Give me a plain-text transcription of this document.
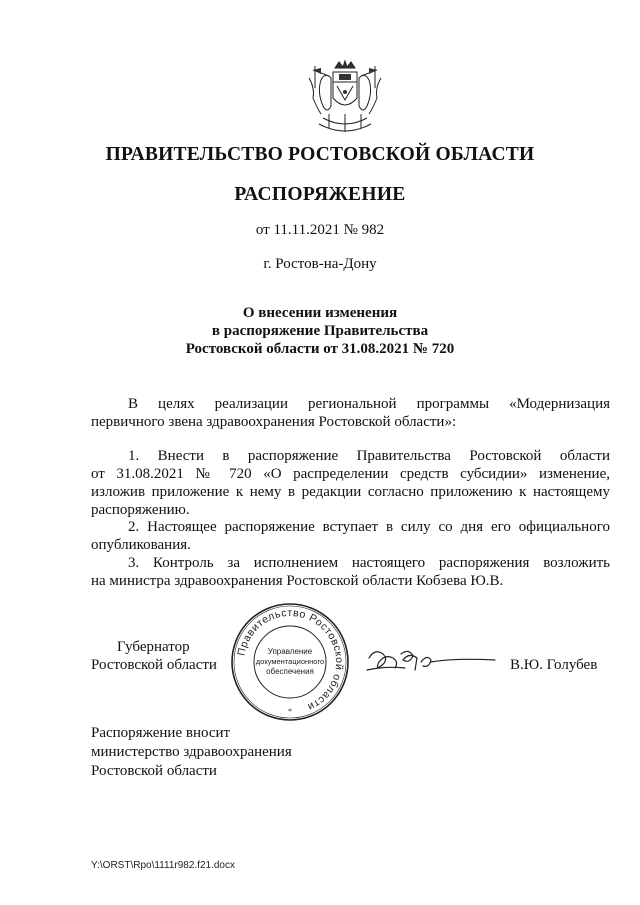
ПРАВИТЕЛЬСТВО РОСТОВСКОЙ ОБЛАСТИ
РАСПОРЯЖЕНИЕ
от 11.11.2021 № 982
г. Ростов-на-Дону
О внесении изменения
в распоряжение Правительства
Ростовской области от 31.08.2021 № 720
В целях реализации региональной программы «Модернизация
первичного звена здравоохранения Ростовской области»:
1. Внести в распоряжение Правительства Ростовской области
от 31.08.2021 № 720 «О распределении средств субсидии» изменение,
изложив приложение к нему в редакции согласно приложению к настоящему
распоряжению.
2. Настоящее распоряжение вступает в силу со дня его официального
опубликования.
3. Контроль за исполнением настоящего распоряжения возложить
на министра здравоохранения Ростовской области Кобзева Ю.В.
Губернатор
Ростовской области
Правительство Ростовской области
Управление
документационного
обеспечения
*
В.Ю. Голубев
Распоряжение вносит
министерство здравоохранения
Ростовской области
Y:\ORST\Rpo\1111r982.f21.docx
